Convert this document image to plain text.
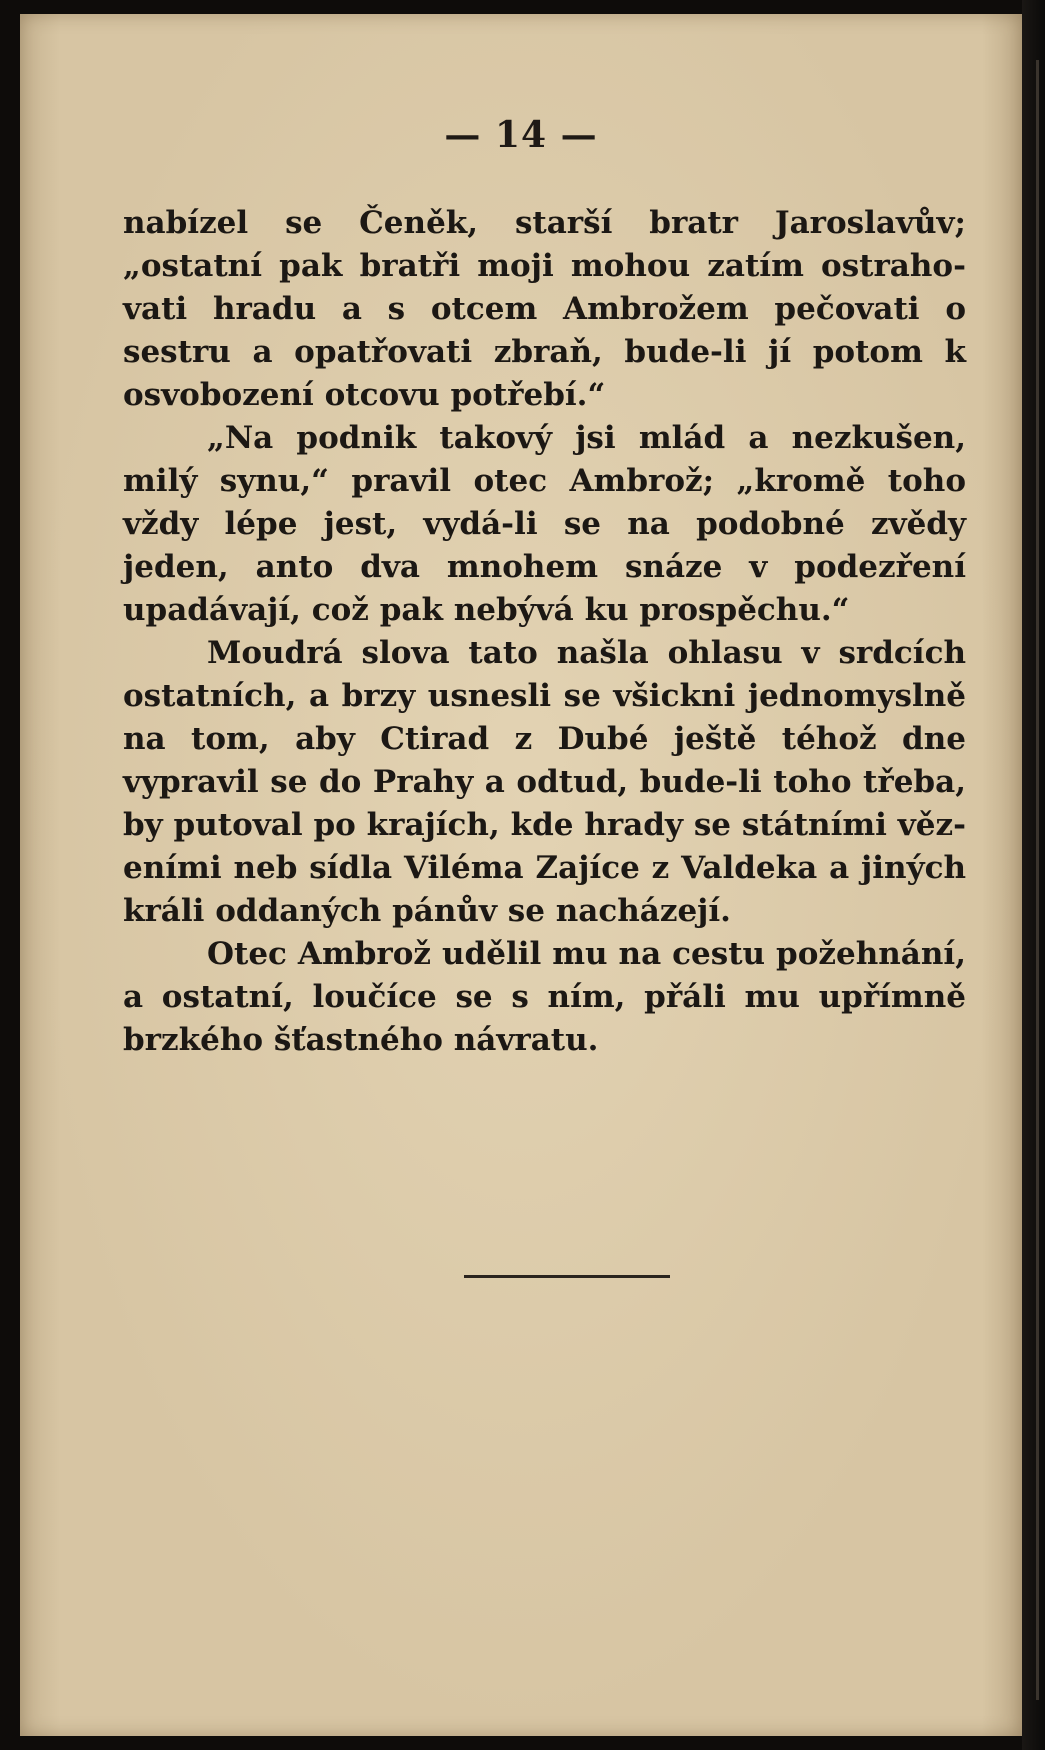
— 14 —

nabízel se Čeněk, starší bratr Jaroslavův; „ostatní pak bratři moji mohou zatím ostrahovati hradu a s otcem Ambrožem pečovati o sestru a opatřovati zbraň, bude-li jí potom k osvobození otcovu potřebí.“

„Na podnik takový jsi mlád a nezkušen, milý synu,“ pravil otec Ambrož; „kromě toho vždy lépe jest, vydá-li se na podobné zvědy jeden, anto dva mnohem snáze v podezření upadávají, což pak nebývá ku prospěchu.“

Moudrá slova tato našla ohlasu v srdcích ostatních, a brzy usnesli se všickni jednomyslně na tom, aby Ctirad z Dubé ještě téhož dne vypravil se do Prahy a odtud, bude-li toho třeba, by putoval po krajích, kde hrady se státními vězeními neb sídla Viléma Zajíce z Valdeka a jiných králi oddaných pánův se nacházejí.

Otec Ambrož udělil mu na cestu požehnání, a ostatní, loučíce se s ním, přáli mu upřímně brzkého šťastného návratu.
